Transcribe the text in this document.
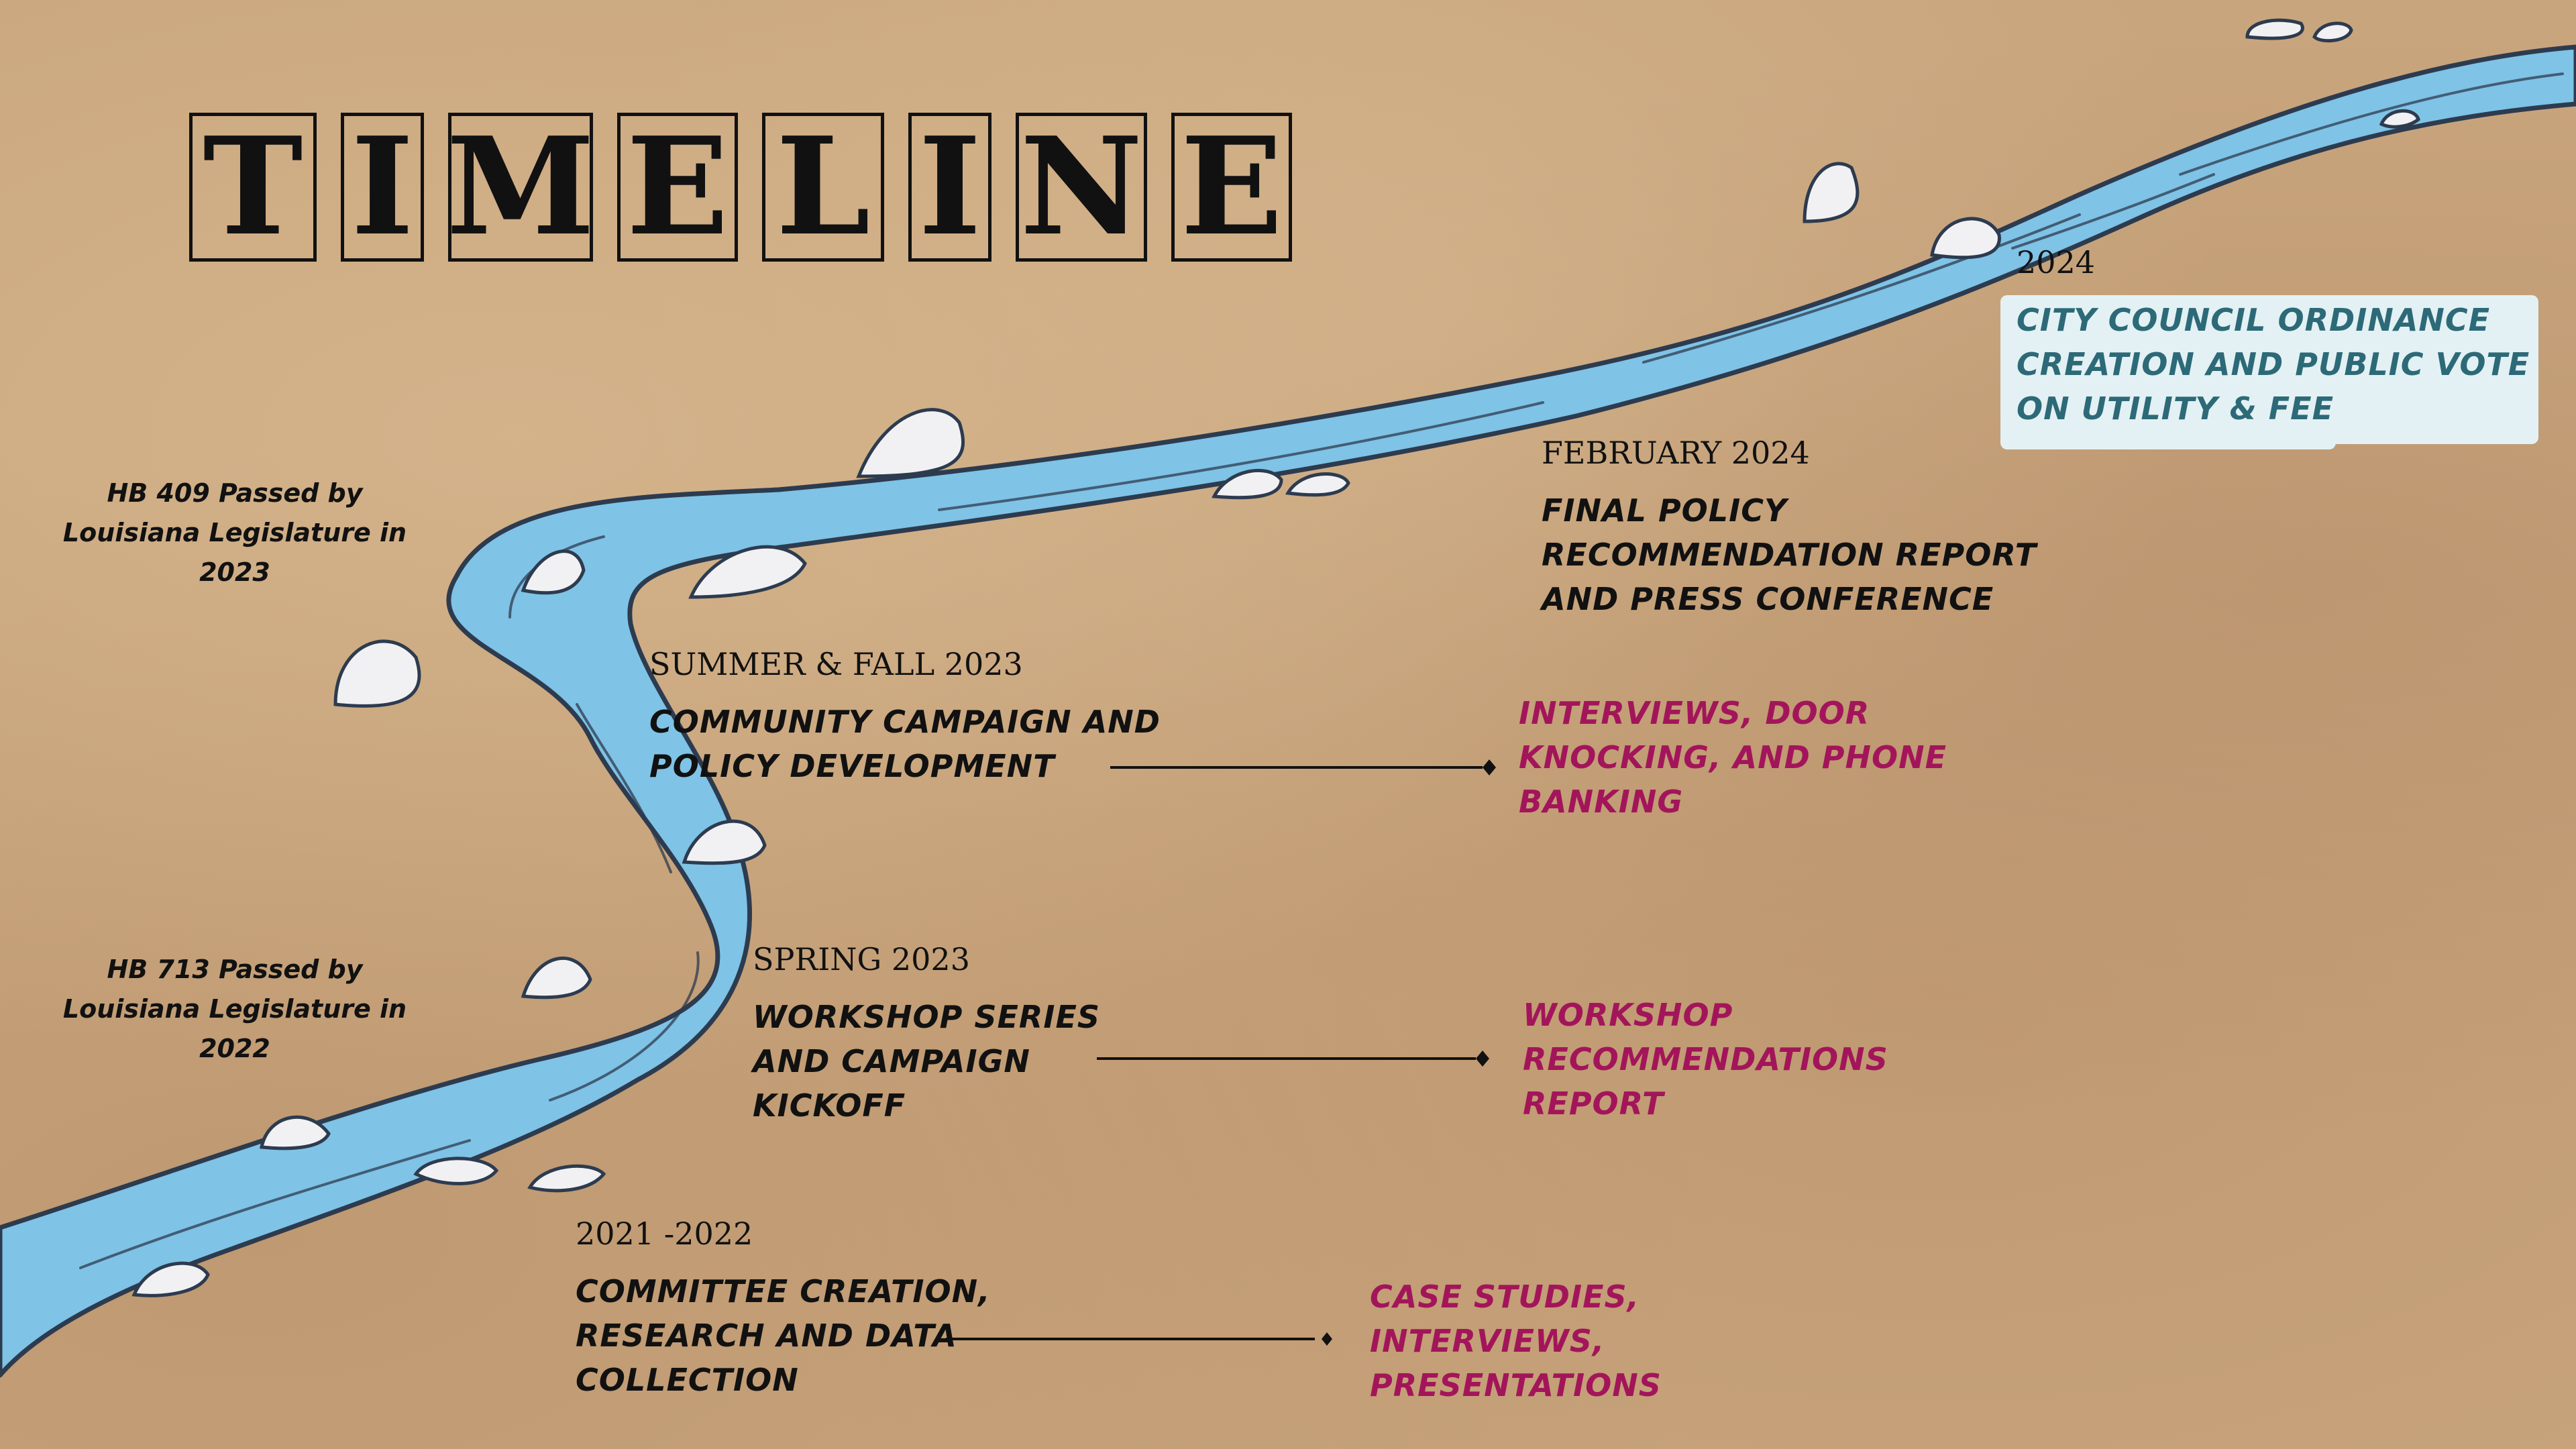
T I M E L I N E
HB 409 Passed by
Louisiana Legislature in
2023
HB 713 Passed by
Louisiana Legislature in
2022
2021 -2022
COMMITTEE CREATION,
RESEARCH AND DATA
COLLECTION
CASE STUDIES,
INTERVIEWS,
PRESENTATIONS
SPRING 2023
WORKSHOP SERIES
AND CAMPAIGN
KICKOFF
WORKSHOP
RECOMMENDATIONS
REPORT
SUMMER & FALL 2023
COMMUNITY CAMPAIGN AND
POLICY DEVELOPMENT
INTERVIEWS, DOOR
KNOCKING, AND PHONE
BANKING
FEBRUARY 2024
FINAL POLICY
RECOMMENDATION REPORT
AND PRESS CONFERENCE
2024
CITY COUNCIL ORDINANCE
CREATION AND PUBLIC VOTE
ON UTILITY & FEE
